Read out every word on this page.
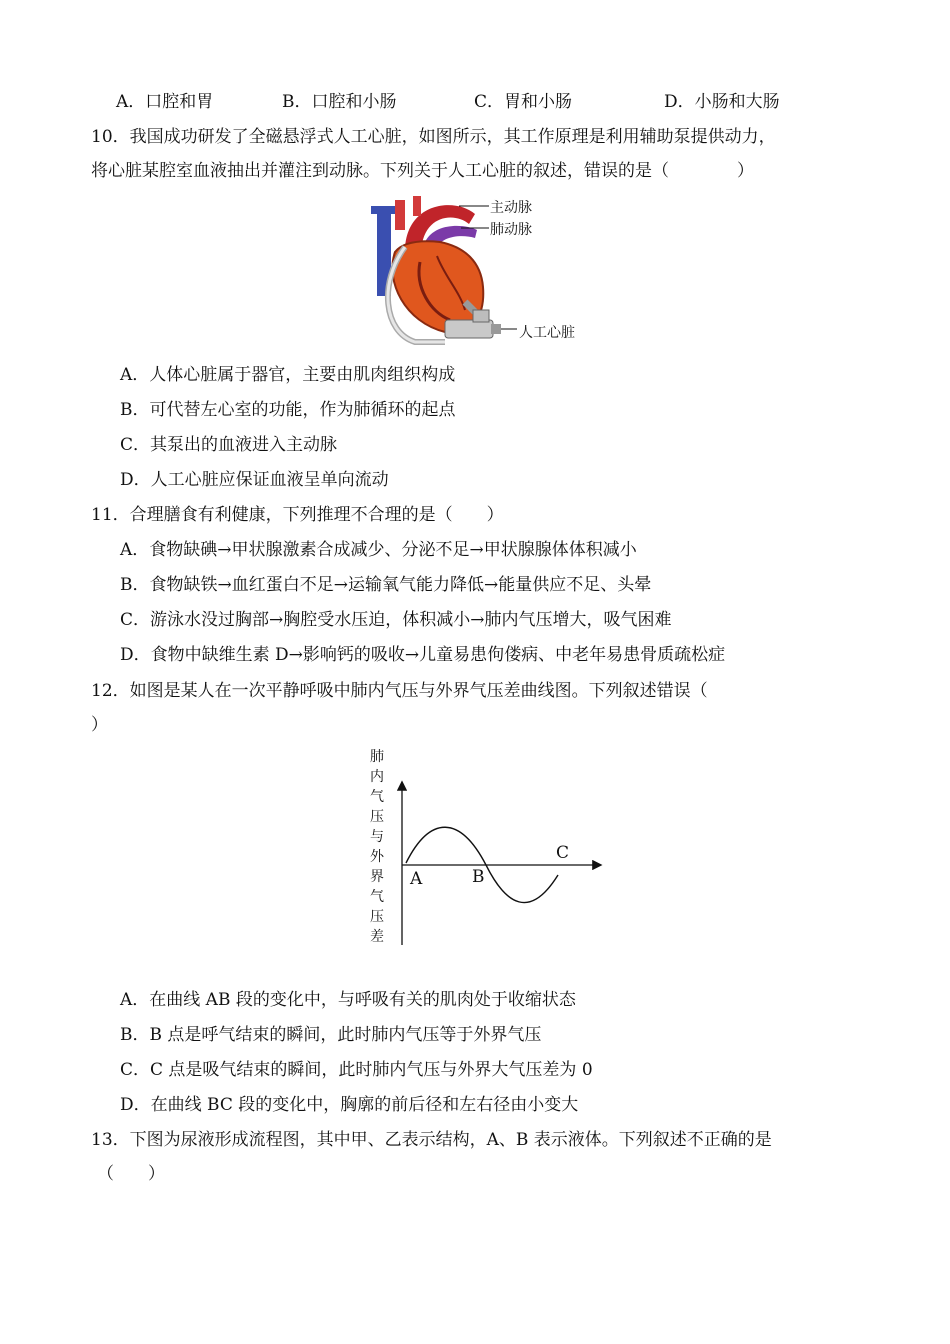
A．口腔和胃	B．口腔和小肠	C．胃和小肠	D．小肠和大肠
10．我国成功研发了全磁悬浮式人工心脏，如图所示，其工作原理是利用辅助泵提供动力，
将心脏某腔室血液抽出并灌注到动脉。下列关于人工心脏的叙述，错误的是（　　　　）
主动脉
肺动脉
人工心脏
A．人体心脏属于器官，主要由肌肉组织构成
B．可代替左心室的功能，作为肺循环的起点
C．其泵出的血液进入主动脉
D．人工心脏应保证血液呈单向流动
11．合理膳食有利健康，下列推理不合理的是（　　）
A．食物缺碘→甲状腺激素合成减少、分泌不足→甲状腺腺体体积减小
B．食物缺铁→血红蛋白不足→运输氧气能力降低→能量供应不足、头晕
C．游泳水没过胸部→胸腔受水压迫，体积减小→肺内气压增大，吸气困难
D．食物中缺维生素 D→影响钙的吸收→儿童易患佝偻病、中老年易患骨质疏松症
12．如图是某人在一次平静呼吸中肺内气压与外界气压差曲线图。下列叙述错误（
）
肺
内
气
压
与
外
界
气
压
差
A	B
C
A．在曲线 AB 段的变化中，与呼吸有关的肌肉处于收缩状态
B．B 点是呼气结束的瞬间，此时肺内气压等于外界气压
C．C 点是吸气结束的瞬间，此时肺内气压与外界大气压差为 0
D．在曲线 BC 段的变化中，胸廓的前后径和左右径由小变大
13．下图为尿液形成流程图，其中甲、乙表示结构，A、B 表示液体。下列叙述不正确的是
（　　）
